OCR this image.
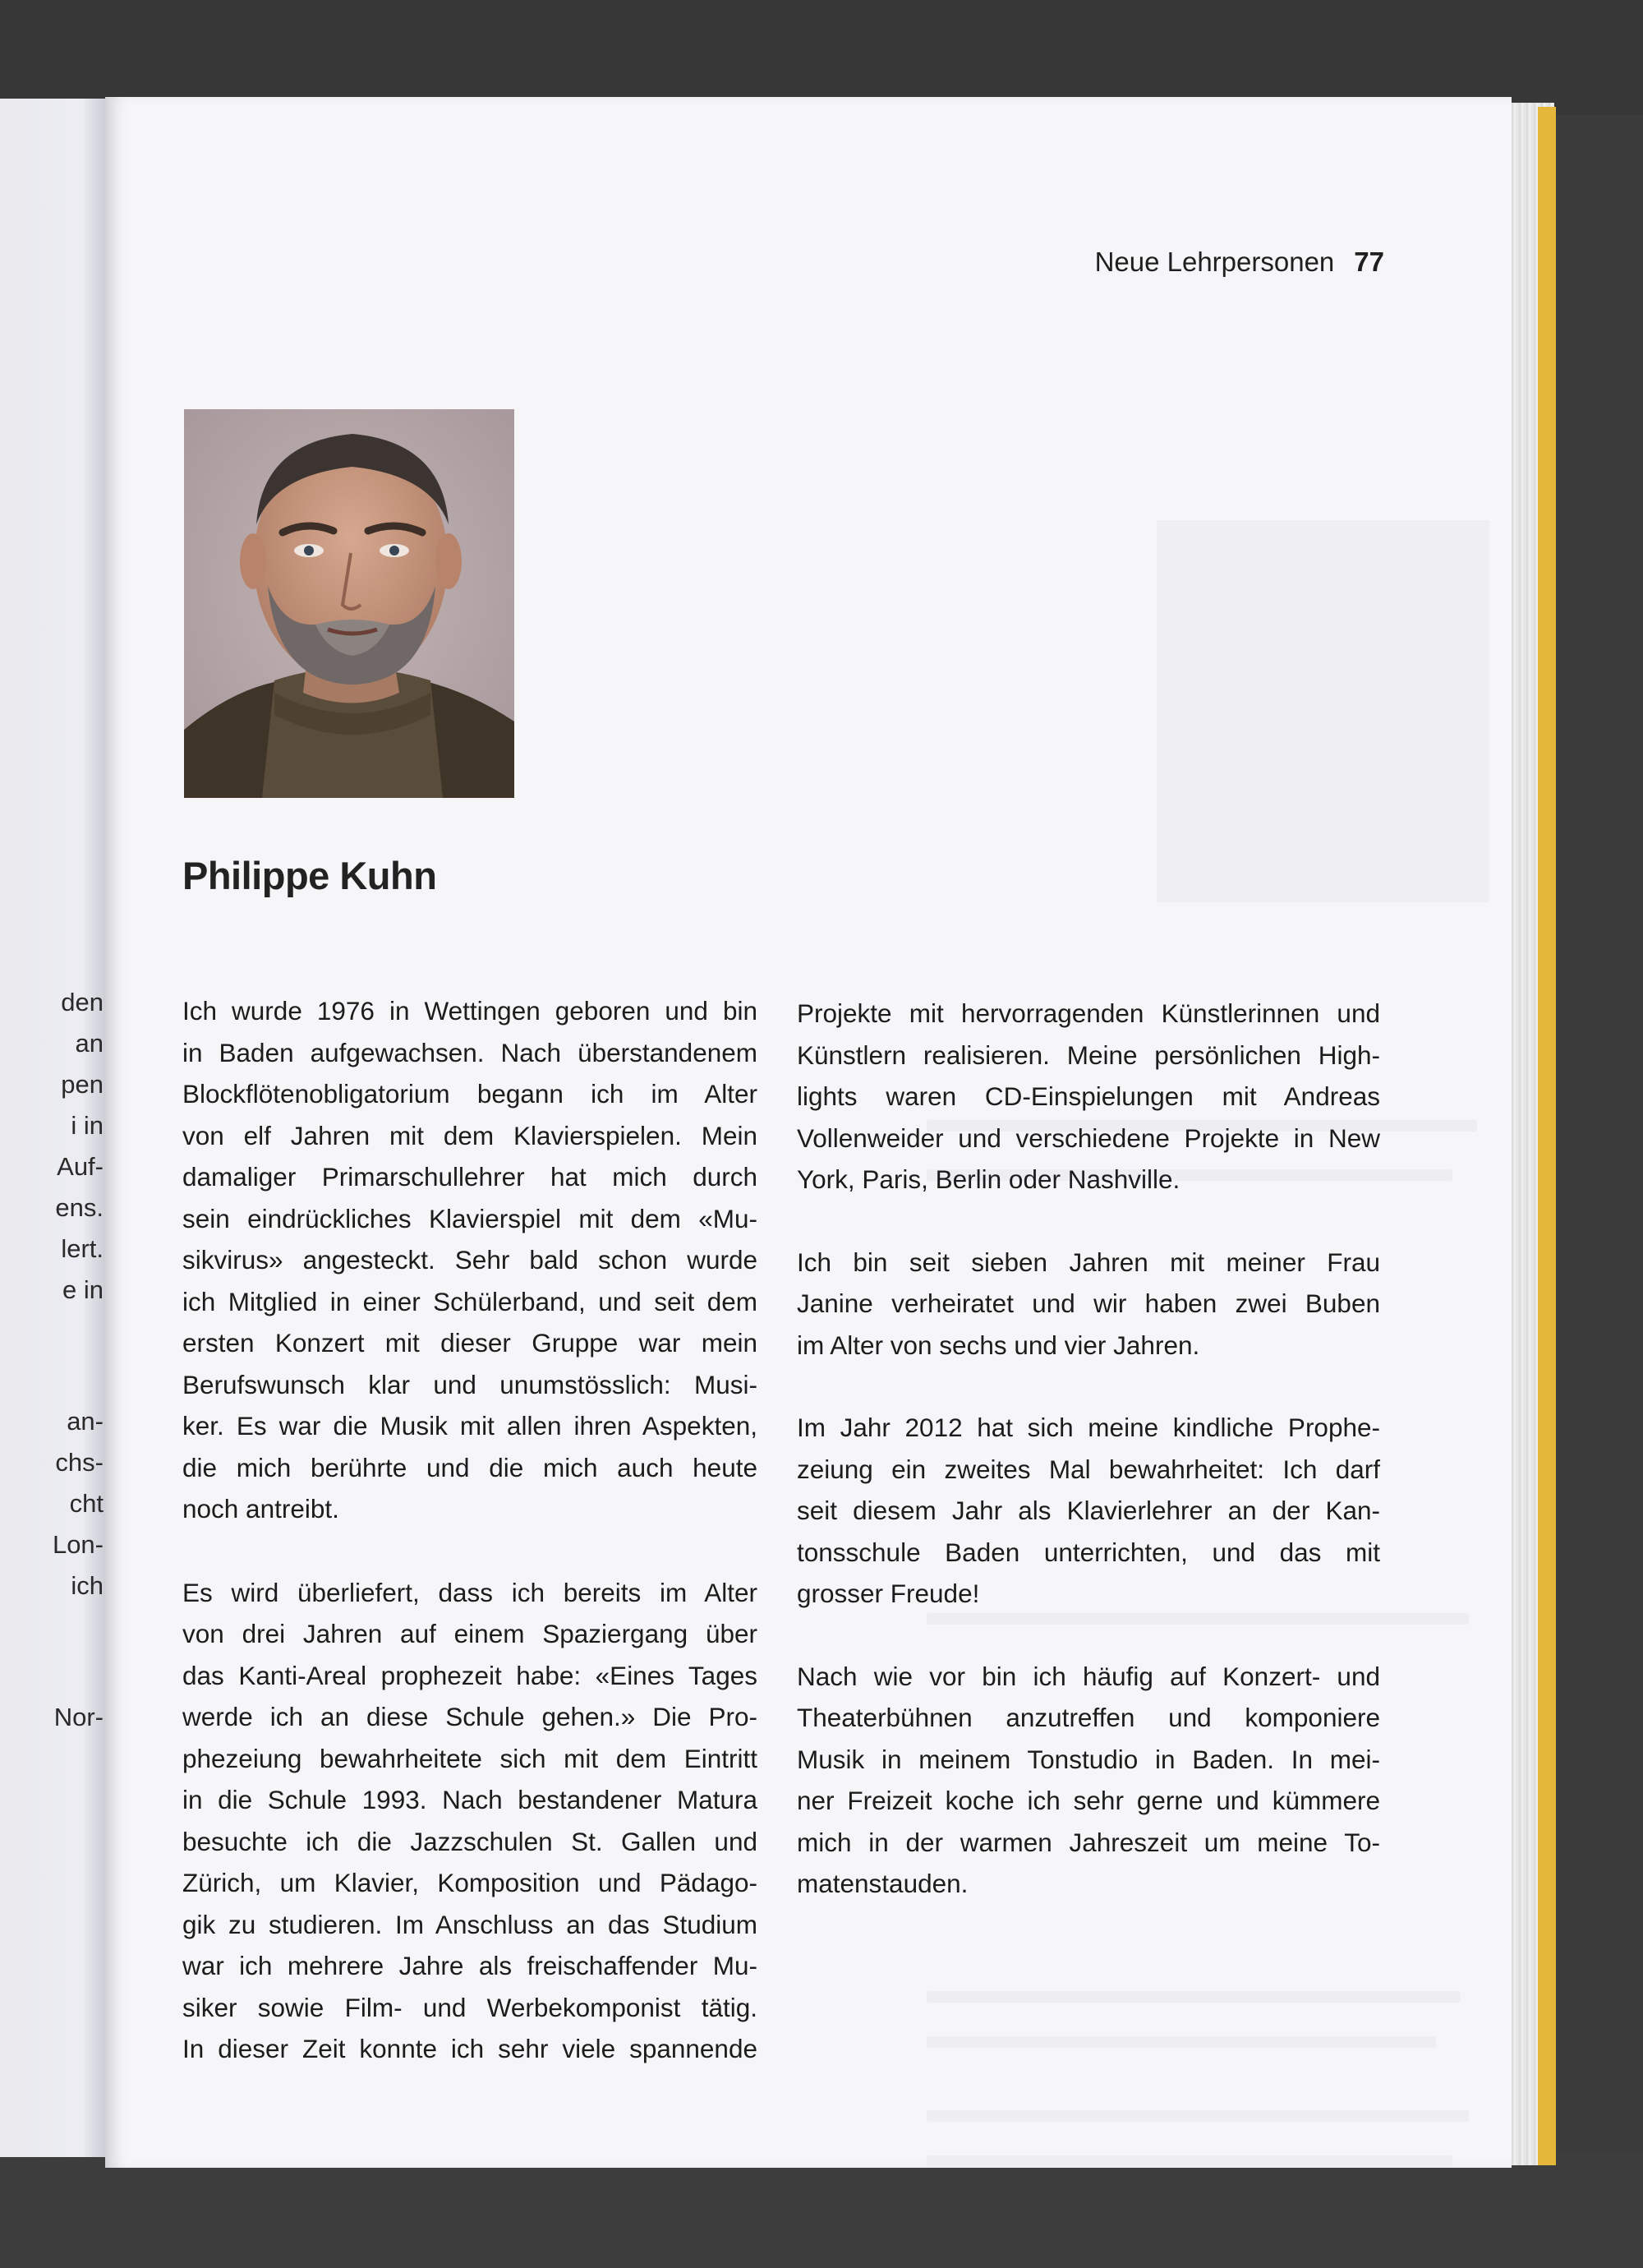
den
an
pen
i in
Auf-
ens.
lert.
e in
an-
chs-
cht
Lon-
ich
Nor-
Neue Lehrpersonen 77
Philippe Kuhn
Ich wurde 1976 in Wettingen geboren und bin
in Baden aufgewachsen. Nach überstandenem
Blockflötenobligatorium begann ich im Alter
von elf Jahren mit dem Klavierspielen. Mein
damaliger Primarschullehrer hat mich durch
sein eindrückliches Klavierspiel mit dem «Mu-
sikvirus» angesteckt. Sehr bald schon wurde
ich Mitglied in einer Schülerband, und seit dem
ersten Konzert mit dieser Gruppe war mein
Berufswunsch klar und unumstösslich: Musi-
ker. Es war die Musik mit allen ihren Aspekten,
die mich berührte und die mich auch heute
noch antreibt.
Es wird überliefert, dass ich bereits im Alter
von drei Jahren auf einem Spaziergang über
das Kanti-Areal prophezeit habe: «Eines Tages
werde ich an diese Schule gehen.» Die Pro-
phezeiung bewahrheitete sich mit dem Eintritt
in die Schule 1993. Nach bestandener Matura
besuchte ich die Jazzschulen St. Gallen und
Zürich, um Klavier, Komposition und Pädago-
gik zu studieren. Im Anschluss an das Studium
war ich mehrere Jahre als freischaffender Mu-
siker sowie Film- und Werbekomponist tätig.
In dieser Zeit konnte ich sehr viele spannende
Projekte mit hervorragenden Künstlerinnen und
Künstlern realisieren. Meine persönlichen High-
lights waren CD-Einspielungen mit Andreas
Vollenweider und verschiedene Projekte in New
York, Paris, Berlin oder Nashville.
Ich bin seit sieben Jahren mit meiner Frau
Janine verheiratet und wir haben zwei Buben
im Alter von sechs und vier Jahren.
Im Jahr 2012 hat sich meine kindliche Prophe-
zeiung ein zweites Mal bewahrheitet: Ich darf
seit diesem Jahr als Klavierlehrer an der Kan-
tonsschule Baden unterrichten, und das mit
grosser Freude!
Nach wie vor bin ich häufig auf Konzert- und
Theaterbühnen anzutreffen und komponiere
Musik in meinem Tonstudio in Baden. In mei-
ner Freizeit koche ich sehr gerne und kümmere
mich in der warmen Jahreszeit um meine To-
matenstauden.
